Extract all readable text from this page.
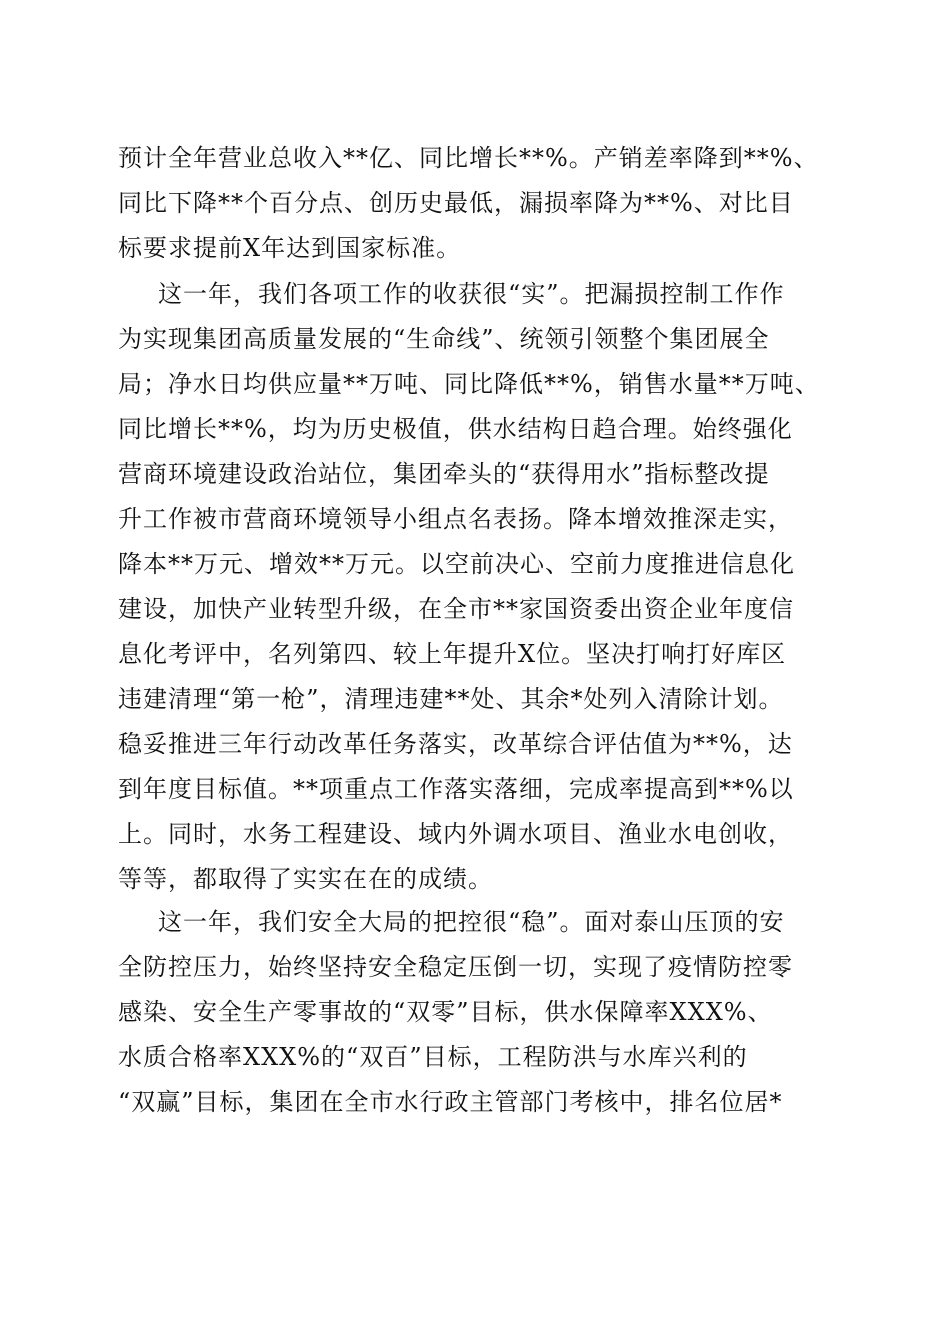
预计全年营业总收入**亿、同比增长**%。产销差率降到**%、
同比下降**个百分点、创历史最低，漏损率降为**%、对比目
标要求提前X年达到国家标准。
这一年，我们各项工作的收获很“实”。把漏损控制工作作
为实现集团高质量发展的“生命线”、统领引领整个集团展全
局；净水日均供应量**万吨、同比降低**%，销售水量**万吨、
同比增长**%，均为历史极值，供水结构日趋合理。始终强化
营商环境建设政治站位，集团牵头的“获得用水”指标整改提
升工作被市营商环境领导小组点名表扬。降本增效推深走实，
降本**万元、增效**万元。以空前决心、空前力度推进信息化
建设，加快产业转型升级，在全市**家国资委出资企业年度信
息化考评中，名列第四、较上年提升X位。坚决打响打好库区
违建清理“第一枪”，清理违建**处、其余*处列入清除计划。
稳妥推进三年行动改革任务落实，改革综合评估值为**%，达
到年度目标值。**项重点工作落实落细，完成率提高到**%以
上。同时，水务工程建设、域内外调水项目、渔业水电创收，
等等，都取得了实实在在的成绩。
这一年，我们安全大局的把控很“稳”。面对泰山压顶的安
全防控压力，始终坚持安全稳定压倒一切，实现了疫情防控零
感染、安全生产零事故的“双零”目标，供水保障率XXX%、
水质合格率XXX%的“双百”目标，工程防洪与水库兴利的
“双赢”目标，集团在全市水行政主管部门考核中，排名位居*
